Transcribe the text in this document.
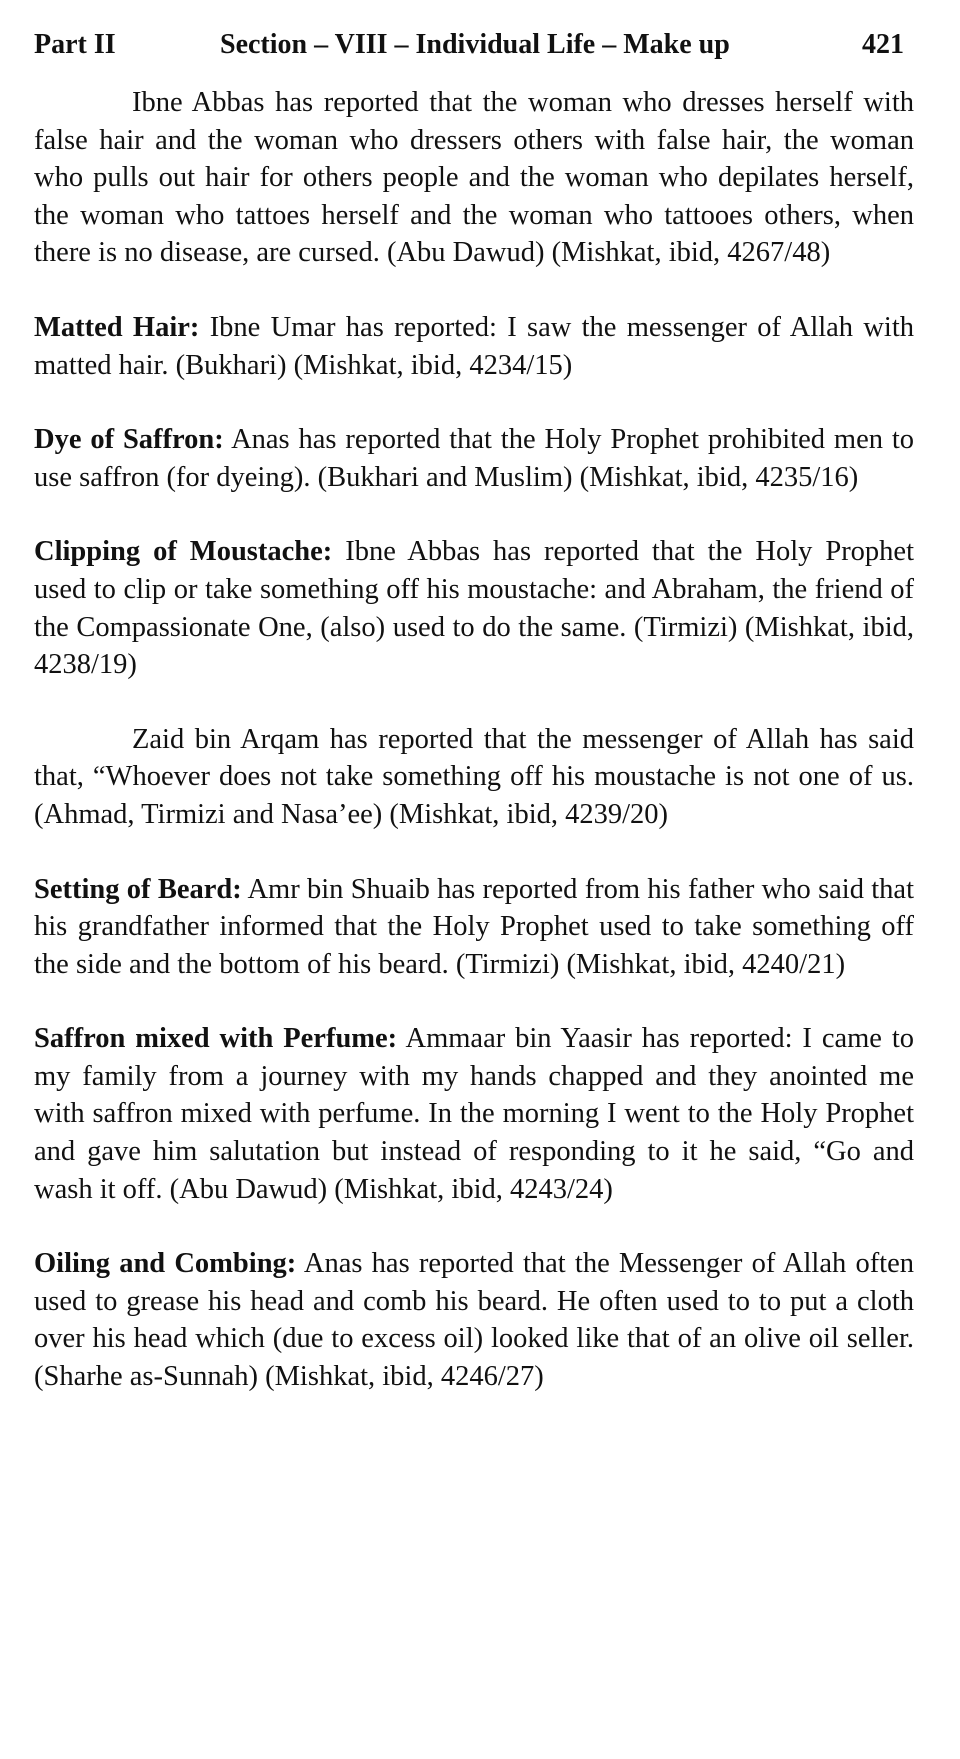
Part II	Section – VIII – Individual Life – Make up	421

Ibne Abbas has reported that the woman who dresses herself with false hair and the woman who dressers others with false hair, the woman who pulls out hair for others people and the woman who depilates herself, the woman who tattoes herself and the woman who tattooes others, when there is no disease, are cursed. (Abu Dawud) (Mishkat, ibid, 4267/48)

Matted Hair: Ibne Umar has reported: I saw the messenger of Allah with matted hair. (Bukhari) (Mishkat, ibid, 4234/15)

Dye of Saffron: Anas has reported that the Holy Prophet prohibited men to use saffron (for dyeing). (Bukhari and Muslim) (Mishkat, ibid, 4235/16)

Clipping of Moustache: Ibne Abbas has reported that the Holy Prophet used to clip or take something off his moustache: and Abraham, the friend of the Compassionate One, (also) used to do the same. (Tirmizi) (Mishkat, ibid, 4238/19)

Zaid bin Arqam has reported that the messenger of Allah has said that, “Whoever does not take something off his moustache is not one of us. (Ahmad, Tirmizi and Nasa’ee) (Mishkat, ibid, 4239/20)

Setting of Beard: Amr bin Shuaib has reported from his father who said that his grandfather informed that the Holy Prophet used to take something off the side and the bottom of his beard. (Tirmizi) (Mishkat, ibid, 4240/21)

Saffron mixed with Perfume: Ammaar bin Yaasir has reported: I came to my family from a journey with my hands chapped and they anointed me with saffron mixed with perfume. In the morning I went to the Holy Prophet and gave him salutation but instead of responding to it he said, “Go and wash it off. (Abu Dawud) (Mishkat, ibid, 4243/24)

Oiling and Combing: Anas has reported that the Messenger of Allah often used to grease his head and comb his beard. He often used to to put a cloth over his head which (due to excess oil) looked like that of an olive oil seller. (Sharhe as-Sunnah) (Mishkat, ibid, 4246/27)
